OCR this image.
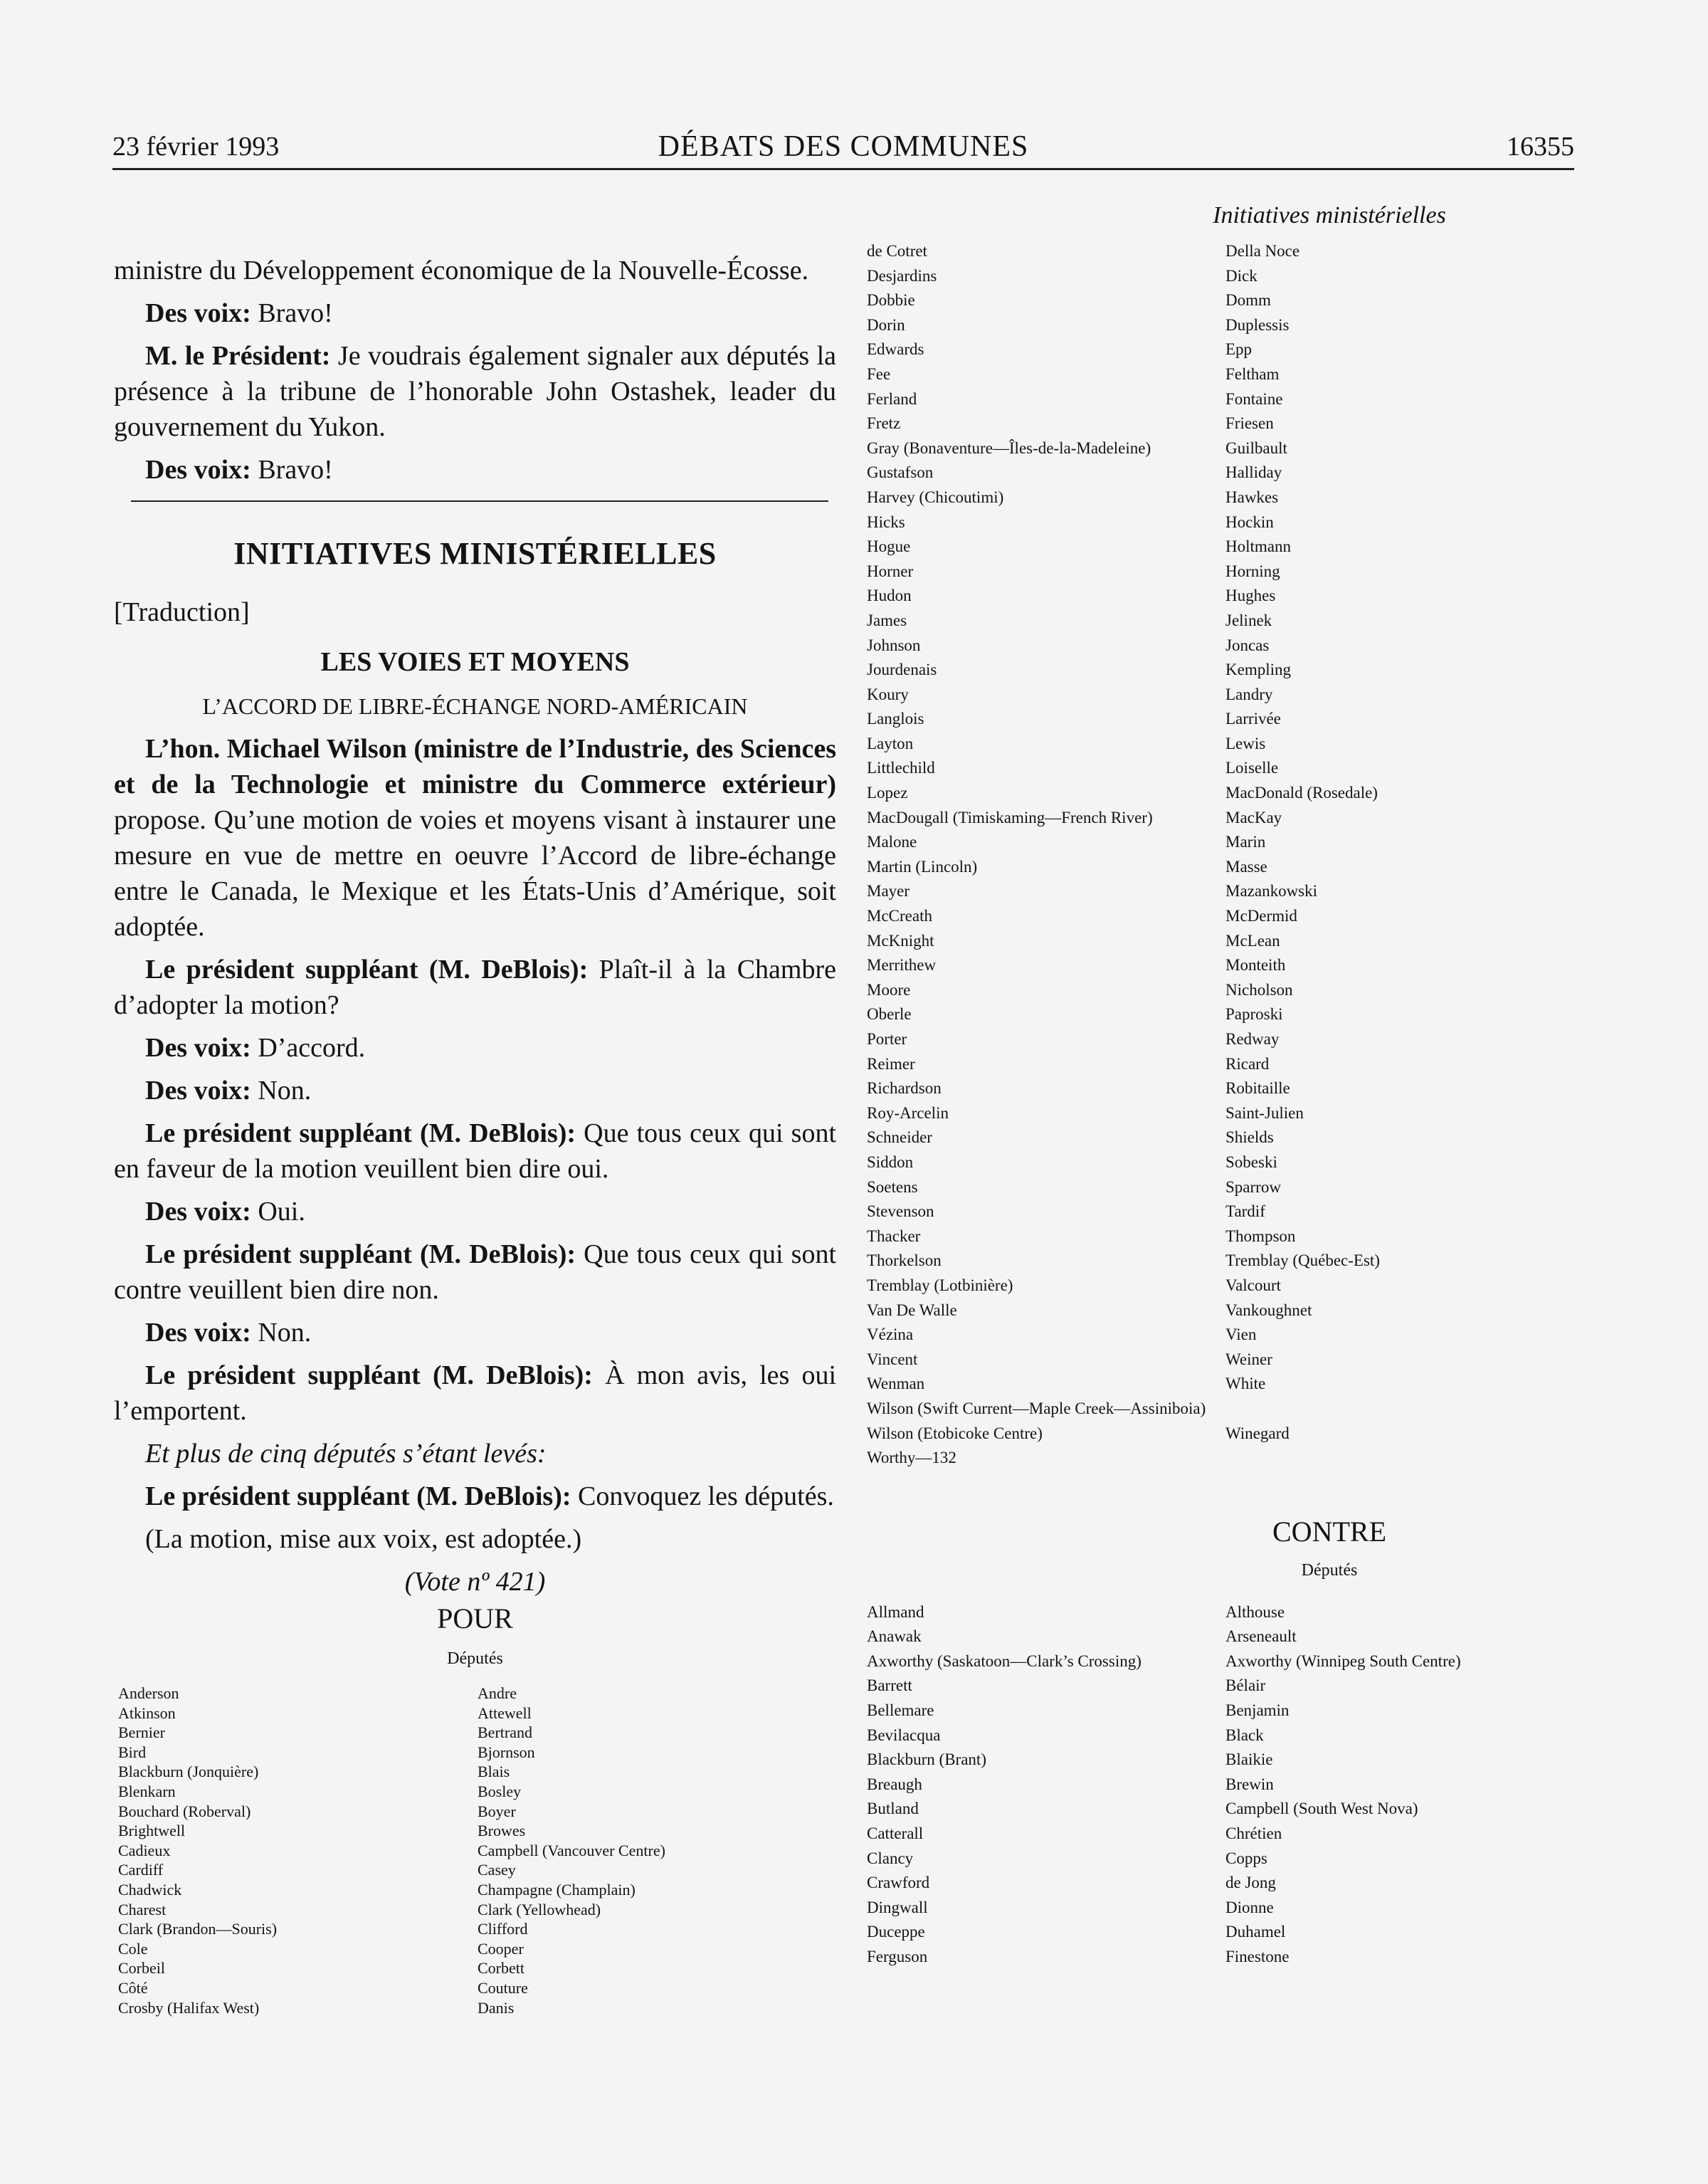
23 février 1993	DÉBATS DES COMMUNES	16355

ministre du Développement économique de la Nouvelle-Écosse.

Des voix: Bravo!

M. le Président: Je voudrais également signaler aux députés la présence à la tribune de l’honorable John Ostashek, leader du gouvernement du Yukon.

Des voix: Bravo!

INITIATIVES MINISTÉRIELLES
[Traduction]
LES VOIES ET MOYENS
L’ACCORD DE LIBRE-ÉCHANGE NORD-AMÉRICAIN

L’hon. Michael Wilson (ministre de l’Industrie, des Sciences et de la Technologie et ministre du Commerce extérieur) propose. Qu’une motion de voies et moyens visant à instaurer une mesure en vue de mettre en oeuvre l’Accord de libre-échange entre le Canada, le Mexique et les États-Unis d’Amérique, soit adoptée.

Le président suppléant (M. DeBlois): Plaît-il à la Chambre d’adopter la motion?

Des voix: D’accord.

Des voix: Non.

Le président suppléant (M. DeBlois): Que tous ceux qui sont en faveur de la motion veuillent bien dire oui.

Des voix: Oui.

Le président suppléant (M. DeBlois): Que tous ceux qui sont contre veuillent bien dire non.

Des voix: Non.

Le président suppléant (M. DeBlois): À mon avis, les oui l’emportent.

Et plus de cinq députés s’étant levés:

Le président suppléant (M. DeBlois): Convoquez les députés.

(La motion, mise aux voix, est adoptée.)

(Vote nº 421)
POUR
Députés
Anderson
Atkinson
Bernier
Bird
Blackburn (Jonquière)
Blenkarn
Bouchard (Roberval)
Brightwell
Cadieux
Cardiff
Chadwick
Charest
Clark (Brandon—Souris)
Cole
Corbeil
Côté
Crosby (Halifax West)
Andre
Attewell
Bertrand
Bjornson
Blais
Bosley
Boyer
Browes
Campbell (Vancouver Centre)
Casey
Champagne (Champlain)
Clark (Yellowhead)
Clifford
Cooper
Corbett
Couture
Danis
Initiatives ministérielles
de Cotret
Desjardins
Dobbie
Dorin
Edwards
Fee
Ferland
Fretz
Gray (Bonaventure—Îles-de-la-Madeleine)
Gustafson
Harvey (Chicoutimi)
Hicks
Hogue
Horner
Hudon
James
Johnson
Jourdenais
Koury
Langlois
Layton
Littlechild
Lopez
MacDougall (Timiskaming—French River)
Malone
Martin (Lincoln)
Mayer
McCreath
McKnight
Merrithew
Moore
Oberle
Porter
Reimer
Richardson
Roy-Arcelin
Schneider
Siddon
Soetens
Stevenson
Thacker
Thorkelson
Tremblay (Lotbinière)
Van De Walle
Vézina
Vincent
Wenman
Wilson (Swift Current—Maple Creek—Assiniboia)
Wilson (Etobicoke Centre)
Worthy—132
Della Noce
Dick
Domm
Duplessis
Epp
Feltham
Fontaine
Friesen
Guilbault
Halliday
Hawkes
Hockin
Holtmann
Horning
Hughes
Jelinek
Joncas
Kempling
Landry
Larrivée
Lewis
Loiselle
MacDonald (Rosedale)
MacKay
Marin
Masse
Mazankowski
McDermid
McLean
Monteith
Nicholson
Paproski
Redway
Ricard
Robitaille
Saint-Julien
Shields
Sobeski
Sparrow
Tardif
Thompson
Tremblay (Québec-Est)
Valcourt
Vankoughnet
Vien
Weiner
White

Winegard

CONTRE
Députés
Allmand
Anawak
Axworthy (Saskatoon—Clark’s Crossing)
Barrett
Bellemare
Bevilacqua
Blackburn (Brant)
Breaugh
Butland
Catterall
Clancy
Crawford
Dingwall
Duceppe
Ferguson
Althouse
Arseneault
Axworthy (Winnipeg South Centre)
Bélair
Benjamin
Black
Blaikie
Brewin
Campbell (South West Nova)
Chrétien
Copps
de Jong
Dionne
Duhamel
Finestone
